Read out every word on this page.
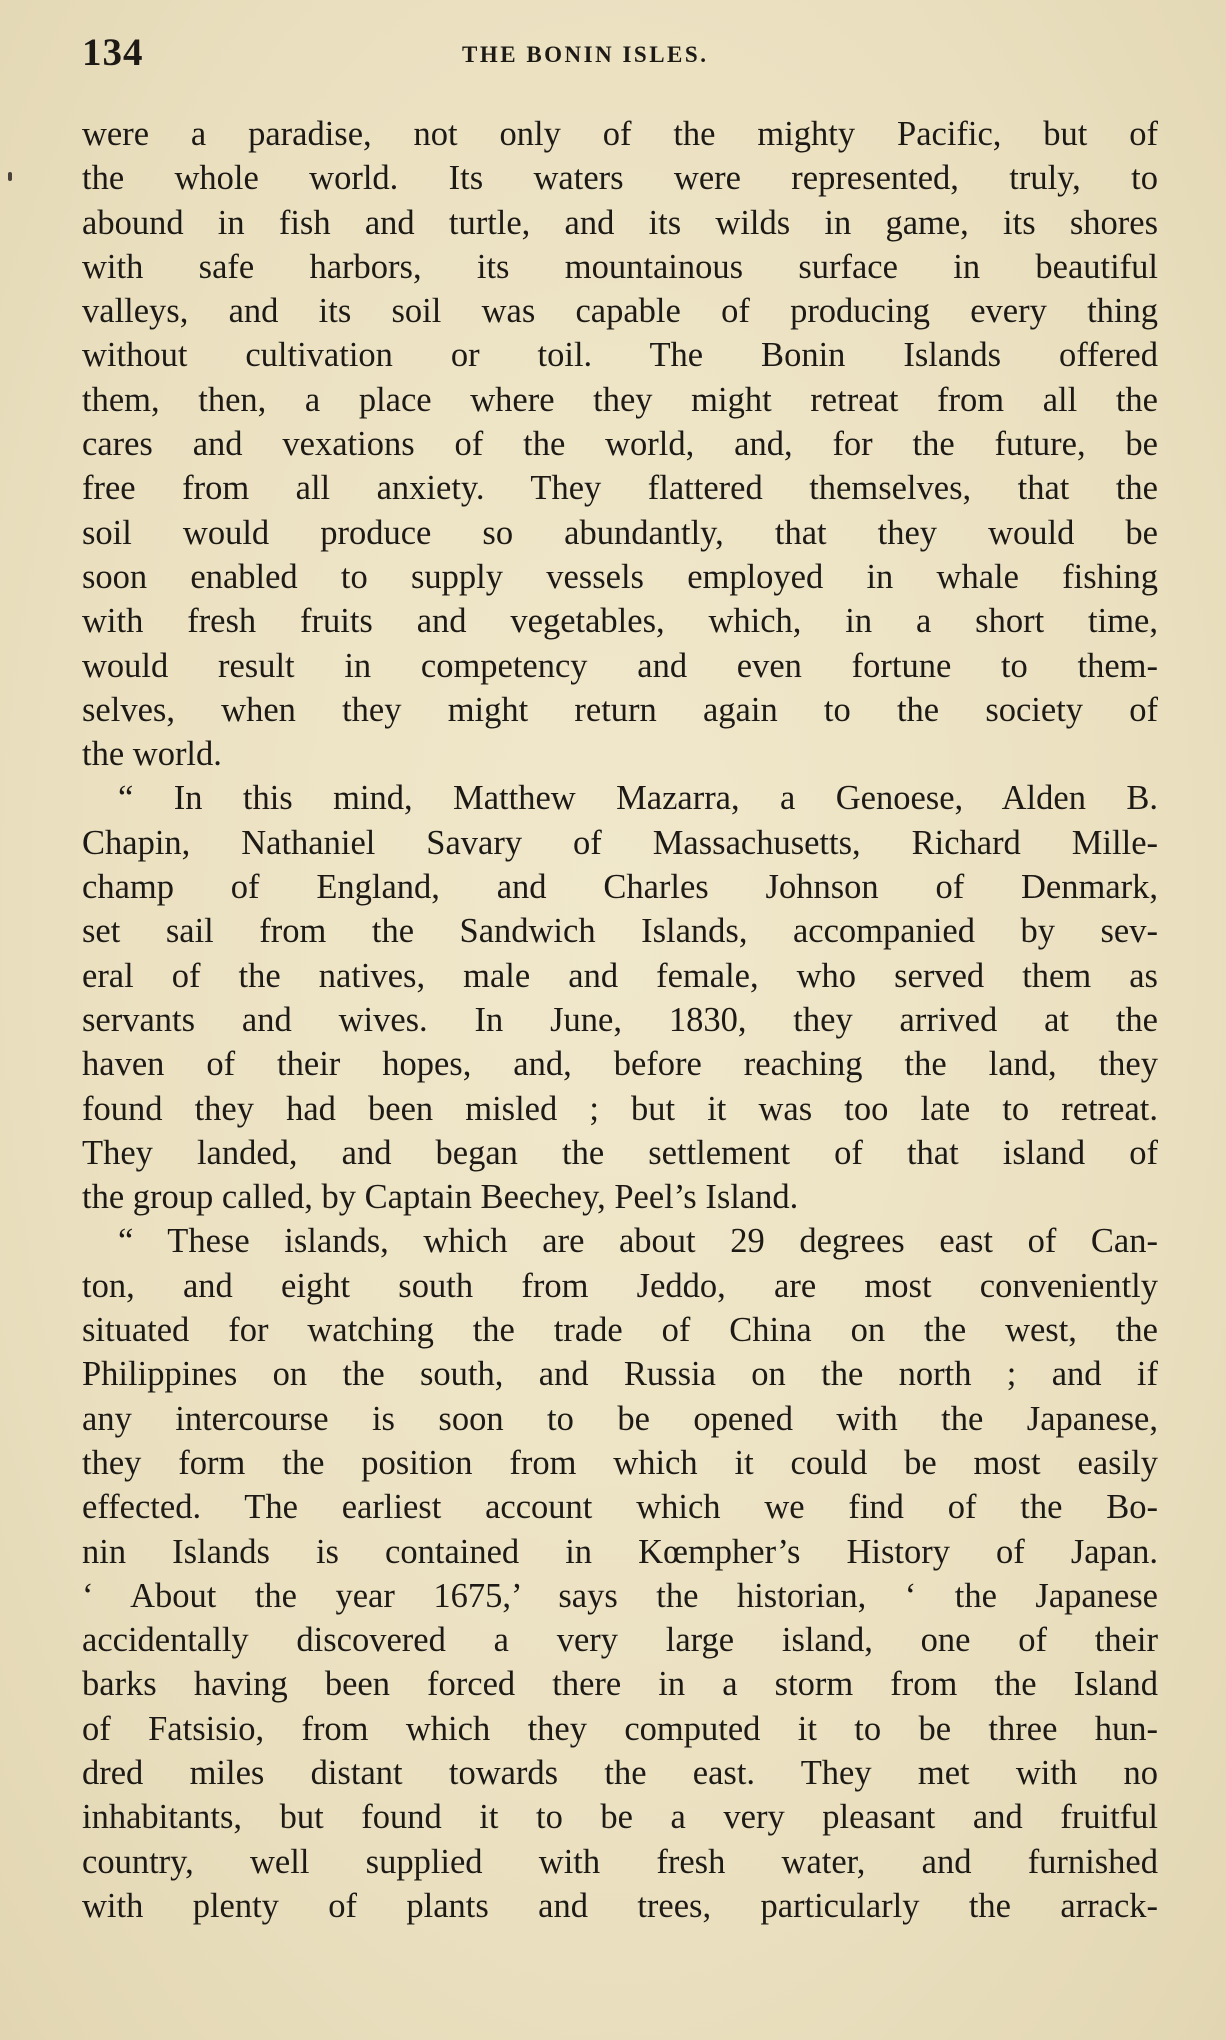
134	THE BONIN ISLES.
were a paradise, not only of the mighty Pacific, but of
the whole world. Its waters were represented, truly, to
abound in fish and turtle, and its wilds in game, its shores
with safe harbors, its mountainous surface in beautiful
valleys, and its soil was capable of producing every thing
without cultivation or toil. The Bonin Islands offered
them, then, a place where they might retreat from all the
cares and vexations of the world, and, for the future, be
free from all anxiety. They flattered themselves, that the
soil would produce so abundantly, that they would be
soon enabled to supply vessels employed in whale fishing
with fresh fruits and vegetables, which, in a short time,
would result in competency and even fortune to them-
selves, when they might return again to the society of
the world.
“ In this mind, Matthew Mazarra, a Genoese, Alden B.
Chapin, Nathaniel Savary of Massachusetts, Richard Mille-
champ of England, and Charles Johnson of Denmark,
set sail from the Sandwich Islands, accompanied by sev-
eral of the natives, male and female, who served them as
servants and wives. In June, 1830, they arrived at the
haven of their hopes, and, before reaching the land, they
found they had been misled ; but it was too late to retreat.
They landed, and began the settlement of that island of
the group called, by Captain Beechey, Peel’s Island.
“ These islands, which are about 29 degrees east of Can-
ton, and eight south from Jeddo, are most conveniently
situated for watching the trade of China on the west, the
Philippines on the south, and Russia on the north ; and if
any intercourse is soon to be opened with the Japanese,
they form the position from which it could be most easily
effected. The earliest account which we find of the Bo-
nin Islands is contained in Kœmpher’s History of Japan.
‘ About the year 1675,’ says the historian, ‘ the Japanese
accidentally discovered a very large island, one of their
barks having been forced there in a storm from the Island
of Fatsisio, from which they computed it to be three hun-
dred miles distant towards the east. They met with no
inhabitants, but found it to be a very pleasant and fruitful
country, well supplied with fresh water, and furnished
with plenty of plants and trees, particularly the arrack-
